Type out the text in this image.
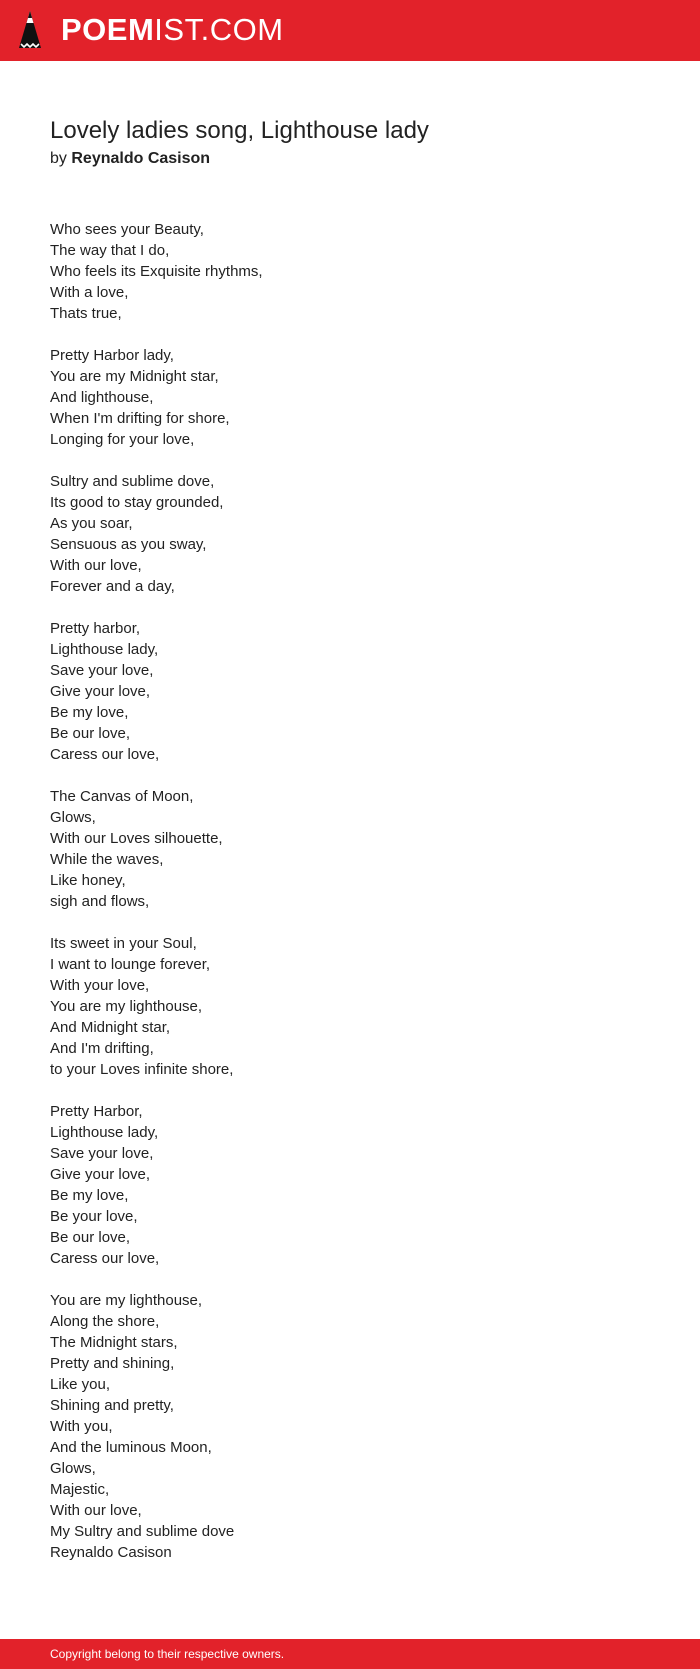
POEMIST.COM
Lovely ladies song, Lighthouse lady
by Reynaldo Casison
Who sees your Beauty,
The way that I do,
Who feels its Exquisite rhythms,
With a love,
Thats true,
Pretty Harbor lady,
You are my Midnight star,
And lighthouse,
When I'm drifting for shore,
Longing for your love,
Sultry and sublime dove,
Its good to stay grounded,
As you soar,
Sensuous as you sway,
With our love,
Forever and a day,
Pretty harbor,
Lighthouse lady,
Save your love,
Give your love,
Be my love,
Be our love,
Caress our love,
The Canvas of Moon,
Glows,
With our Loves silhouette,
While the waves,
Like honey,
sigh and flows,
Its sweet in your Soul,
I want to lounge forever,
With your love,
You are my lighthouse,
And Midnight star,
And I'm drifting,
to your Loves infinite shore,
Pretty Harbor,
Lighthouse lady,
Save your love,
Give your love,
Be my love,
Be your love,
Be our love,
Caress our love,
You are my lighthouse,
Along the shore,
The Midnight stars,
Pretty and shining,
Like you,
Shining and pretty,
With you,
And the luminous Moon,
Glows,
Majestic,
With our love,
My Sultry and sublime dove
Reynaldo Casison
Copyright belong to their respective owners.
